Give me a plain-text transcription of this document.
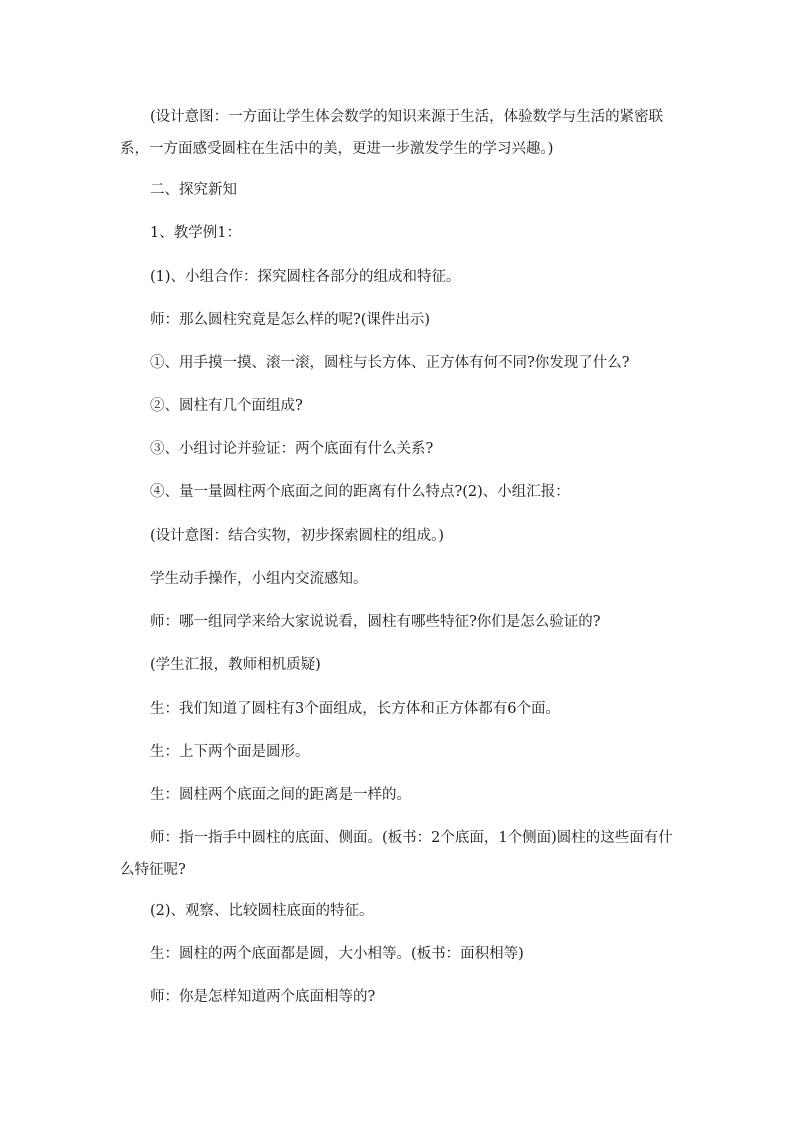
(设计意图：一方面让学生体会数学的知识来源于生活，体验数学与生活的紧密联系，一方面感受圆柱在生活中的美，更进一步激发学生的学习兴趣。)

二、探究新知

1、教学例1：

(1)、小组合作：探究圆柱各部分的组成和特征。

师：那么圆柱究竟是怎么样的呢?(课件出示)

①、用手摸一摸、滚一滚，圆柱与长方体、正方体有何不同?你发现了什么?

②、圆柱有几个面组成?

③、小组讨论并验证：两个底面有什么关系?

④、量一量圆柱两个底面之间的距离有什么特点?(2)、小组汇报：

(设计意图：结合实物，初步探索圆柱的组成。)

学生动手操作，小组内交流感知。

师：哪一组同学来给大家说说看，圆柱有哪些特征?你们是怎么验证的?

(学生汇报，教师相机质疑)

生：我们知道了圆柱有3个面组成，长方体和正方体都有6个面。

生：上下两个面是圆形。

生：圆柱两个底面之间的距离是一样的。

师：指一指手中圆柱的底面、侧面。(板书：2个底面，1个侧面)圆柱的这些面有什么特征呢?

(2)、观察、比较圆柱底面的特征。

生：圆柱的两个底面都是圆，大小相等。(板书：面积相等)

师：你是怎样知道两个底面相等的?
